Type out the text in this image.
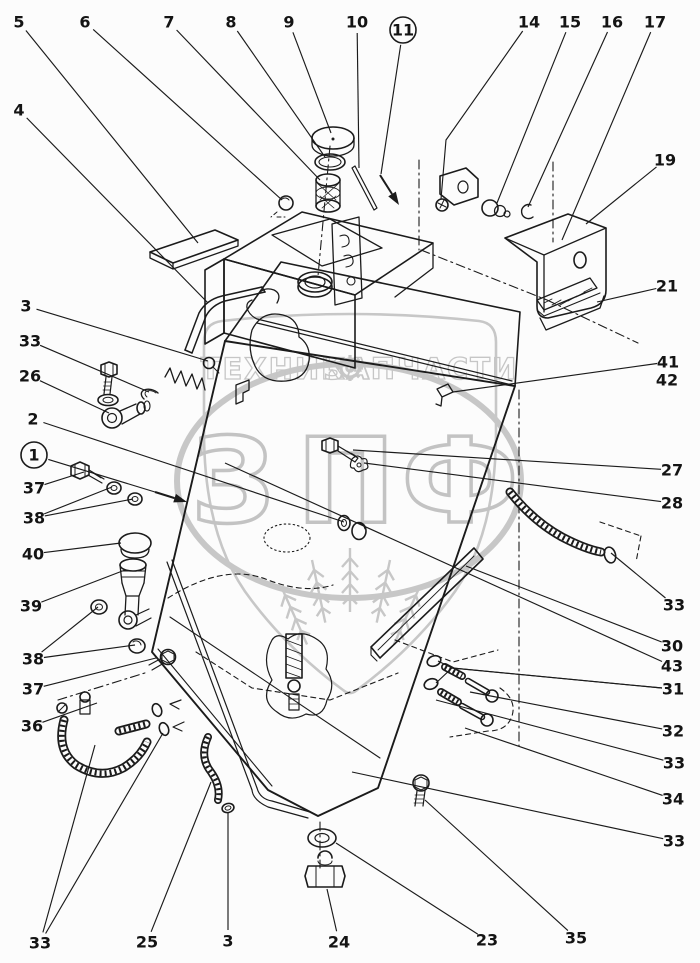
З П Ф
ТЕХНИКА
ЗАПЧАСТИ
5	6	7	8	9	10 11	14 15 16 17
19
21
41
42
27
28
33
30
43
31
32
33
34
33
35
23
24
3
25
33
4
3
33
26
2
1
37
38
40
39
38
37
36
